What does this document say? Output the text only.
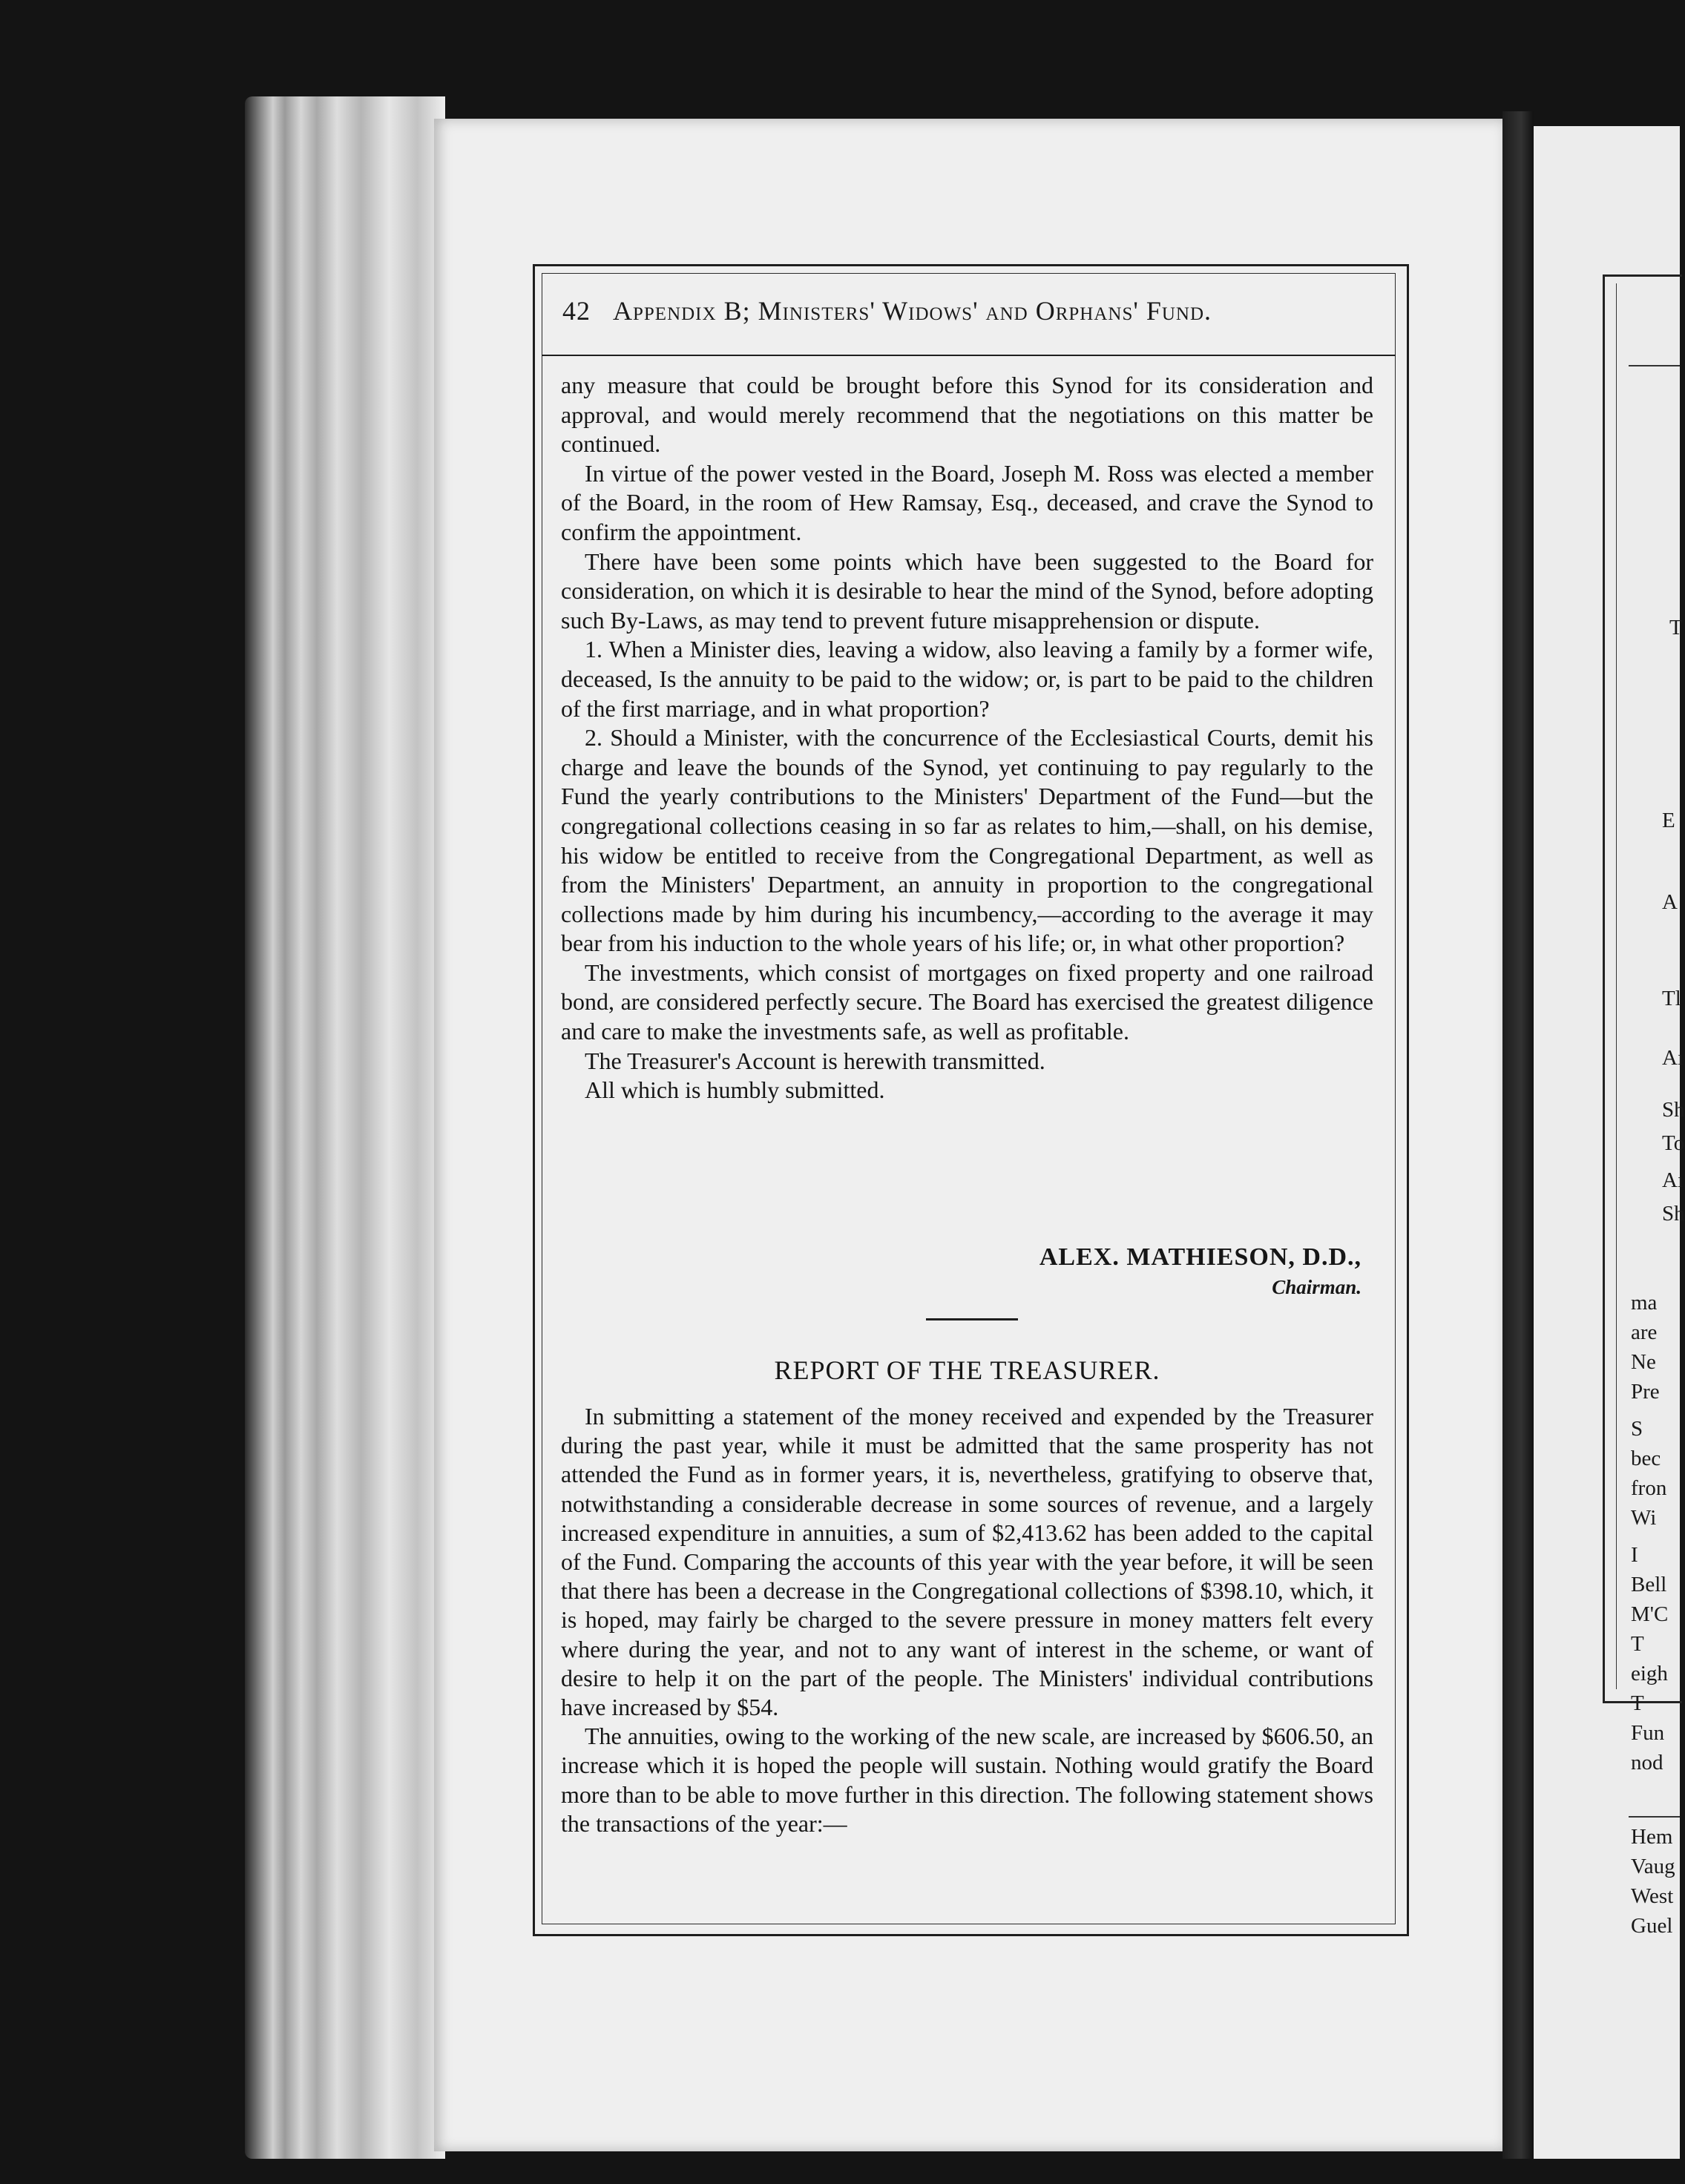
T
E
A
Tl
Aı
Sh
To
Aı
Sh
ma
are
Ne
Pre
S
bec
fron
Wi
I
Bell
M'C
T
eigh
T
Fun
nod
Hem
Vaug
West
Guel
42 Appendix B; Ministers' Widows' and Orphans' Fund.

any measure that could be brought before this Synod for its consideration and approval, and would merely recommend that the negotiations on this matter be continued.

In virtue of the power vested in the Board, Joseph M. Ross was elected a member of the Board, in the room of Hew Ramsay, Esq., deceased, and crave the Synod to confirm the appointment.

There have been some points which have been suggested to the Board for consideration, on which it is desirable to hear the mind of the Synod, before adopting such By-Laws, as may tend to prevent future misapprehension or dispute.

1. When a Minister dies, leaving a widow, also leaving a family by a former wife, deceased, Is the annuity to be paid to the widow; or, is part to be paid to the children of the first marriage, and in what proportion?

2. Should a Minister, with the concurrence of the Ecclesiastical Courts, demit his charge and leave the bounds of the Synod, yet continuing to pay regularly to the Fund the yearly contributions to the Ministers' Department of the Fund—but the congregational collections ceasing in so far as relates to him,—shall, on his demise, his widow be entitled to receive from the Congregational Department, as well as from the Ministers' Department, an annuity in proportion to the congregational collections made by him during his incumbency,—according to the average it may bear from his induction to the whole years of his life; or, in what other proportion?

The investments, which consist of mortgages on fixed property and one railroad bond, are considered perfectly secure. The Board has exercised the greatest diligence and care to make the investments safe, as well as profitable.

The Treasurer's Account is herewith transmitted.

All which is humbly submitted.

ALEX. MATHIESON, D.D.,
Chairman.
REPORT OF THE TREASURER.

In submitting a statement of the money received and expended by the Treasurer during the past year, while it must be admitted that the same prosperity has not attended the Fund as in former years, it is, nevertheless, gratifying to observe that, notwithstanding a considerable decrease in some sources of revenue, and a largely increased expenditure in annuities, a sum of $2,413.62 has been added to the capital of the Fund. Comparing the accounts of this year with the year before, it will be seen that there has been a decrease in the Congregational collections of $398.10, which, it is hoped, may fairly be charged to the severe pressure in money matters felt every where during the year, and not to any want of interest in the scheme, or want of desire to help it on the part of the people. The Ministers' individual contributions have increased by $54.

The annuities, owing to the working of the new scale, are increased by $606.50, an increase which it is hoped the people will sustain. Nothing would gratify the Board more than to be able to move further in this direction. The following statement shows the transactions of the year:—
